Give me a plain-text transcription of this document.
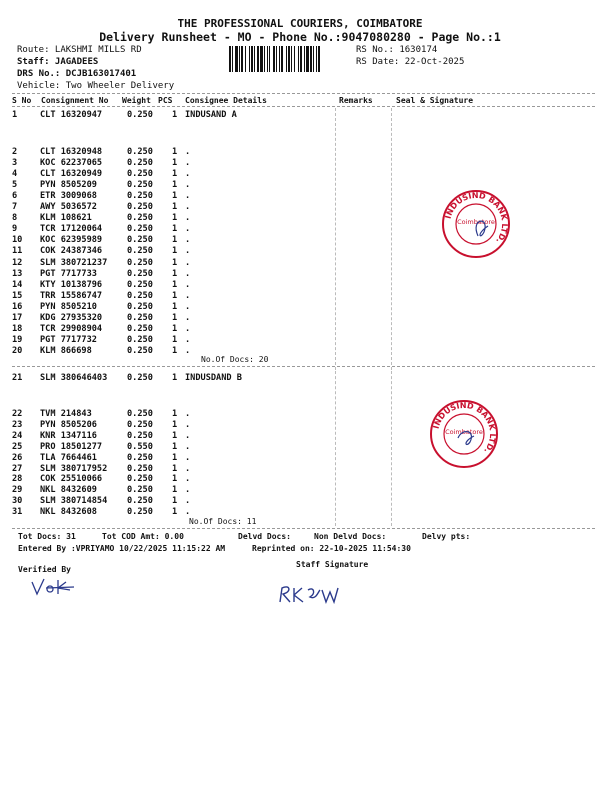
THE PROFESSIONAL COURIERS, COIMBATORE
Delivery Runsheet - MO - Phone No.:9047080280 - Page No.:1
Route: LAKSHMI MILLS RD
Staff: JAGADEES
DRS No.: DCJB163017401
Vehicle: Two Wheeler Delivery
RS No.: 1630174
RS Date: 22-Oct-2025
S No Consignment No Weight PCS Consignee Details	Remarks	Seal & Signature
1	CLT 16320947	0.250 1 INDUSAND A
2	CLT 16320948	0.250 1 .
3	KOC 62237065	0.250 1 .
4	CLT 16320949	0.250 1 .
5	PYN 8505209	0.250 1 .
6	ETR 3009068	0.250 1 .
7	AWY 5036572	0.250 1 .
8	KLM 108621	0.250 1 .
9	TCR 17120064	0.250 1 .
10 KOC 62395989	0.250 1 .
11 COK 24387346	0.250 1 .
12 SLM 380721237 0.250 1 .
13 PGT 7717733	0.250 1 .
14 KTY 10138796	0.250 1 .
15 TRR 15586747	0.250 1 .
16 PYN 8505210	0.250 1 .
17 KDG 27935320	0.250 1 .
18 TCR 29908904	0.250 1 .
19 PGT 7717732	0.250 1 .
20 KLM 866698	0.250 1 .
No.Of Docs: 20
21 SLM 380646403 0.250 1 INDUSDAND B
22 TVM 214843	0.250 1 .
23 PYN 8505206	0.250 1 .
24 KNR 1347116	0.250 1 .
25 PRO 18501277	0.550 1 .
26 TLA 7664461	0.250 1 .
27 SLM 380717952 0.250 1 .
28 COK 25510066	0.250 1 .
29 NKL 8432609	0.250 1 .
30 SLM 380714854 0.250 1 .
31 NKL 8432608	0.250 1 .
No.Of Docs: 11
Tot Docs: 31	Tot COD Amt: 0.00	Delvd Docs:	Non Delvd Docs:	Delvy pts:
Entered By :VPRIYAMO 10/22/2025 11:15:22 AM	Reprinted on: 22-10-2025 11:54:30
Verified By
Staff Signature
INDUSIND BANK LTD.
Coimbatore
INDUSIND BANK LTD.
Coimbatore
